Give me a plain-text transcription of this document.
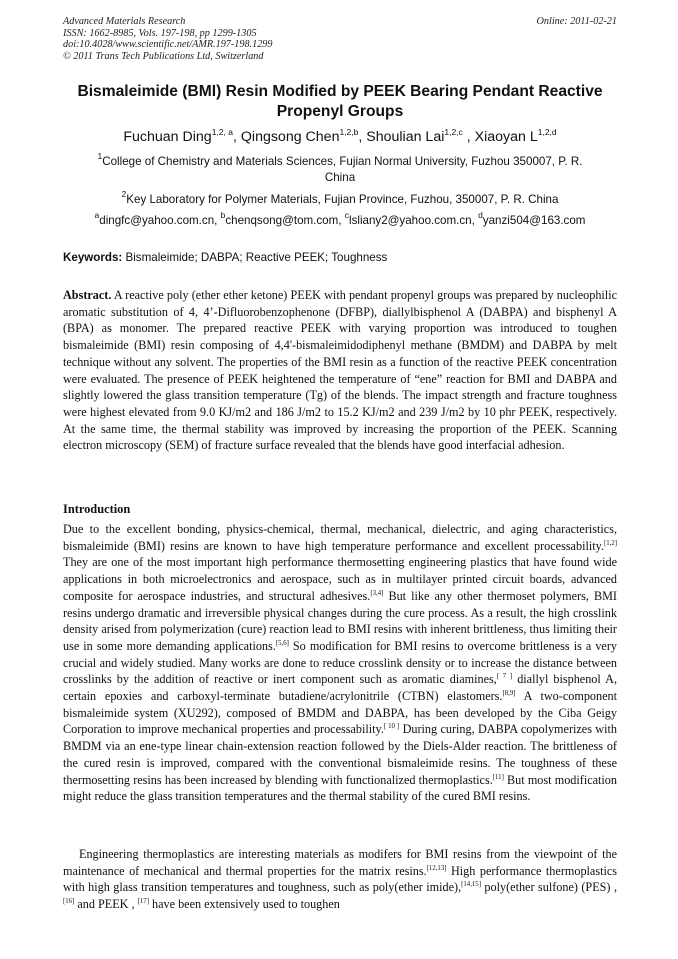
Advanced Materials Research
ISSN: 1662-8985, Vols. 197-198, pp 1299-1305
doi:10.4028/www.scientific.net/AMR.197-198.1299
© 2011 Trans Tech Publications Ltd, Switzerland
Online: 2011-02-21
Bismaleimide (BMI) Resin Modified by PEEK Bearing Pendant Reactive
Propenyl Groups
Fuchuan Ding$^{1,2, a}$, Qingsong Chen$^{1,2,b}$, Shoulian Lai$^{1,2,c}$ , Xiaoyan L$^{1,2,d}$
$^1$College of Chemistry and Materials Sciences, Fujian Normal University, Fuzhou 350007, P. R.
China
$^2$Key Laboratory for Polymer Materials, Fujian Province, Fuzhou, 350007, P. R. China
$^a$dingfc@yahoo.com.cn, $^b$chenqsong@tom.com, $^c$lsliany2@yahoo.com.cn, $^d$yanzi504@163.com
Keywords: Bismaleimide; DABPA; Reactive PEEK; Toughness
Abstract. A reactive poly (ether ether ketone) PEEK with pendant propenyl groups was prepared by nucleophilic aromatic substitution of 4, 4’-Difluorobenzophenone (DFBP), diallylbisphenol A (DABPA) and bisphenyl A (BPA) as monomer. The prepared reactive PEEK with varying proportion was introduced to toughen bismaleimide (BMI) resin composing of 4,4'-bismaleimidodiphenyl methane (BMDM) and DABPA by melt technique without any solvent. The properties of the BMI resin as a function of the reactive PEEK concentration were evaluated. The presence of PEEK heightened the temperature of “ene” reaction for BMI and DABPA and slightly lowered the glass transition temperature (Tg) of the blends. The impact strength and fracture toughness were highest elevated from 9.0 KJ/m2 and 186 J/m2 to 15.2 KJ/m2 and 239 J/m2 by 10 phr PEEK, respectively. At the same time, the thermal stability was improved by increasing the proportion of the PEEK. Scanning electron microscopy (SEM) of fracture surface revealed that the blends have good interfacial adhesion.
Introduction
Due to the excellent bonding, physics-chemical, thermal, mechanical, dielectric, and aging characteristics, bismaleimide (BMI) resins are known to have high temperature performance and excellent processability.[1,2] They are one of the most important high performance thermosetting engineering plastics that have found wide applications in both microelectronics and aerospace, such as in multilayer printed circuit boards, advanced composite for aerospace industries, and structural adhesives.[3,4] But like any other thermoset polymers, BMI resins undergo dramatic and irreversible physical changes during the cure process. As a result, the high crosslink density arised from polymerization (cure) reaction lead to BMI resins with inherent brittleness, thus limiting their use in some more demanding applications.[5,6] So modification for BMI resins to overcome brittleness is a very crucial and widely studied. Many works are done to reduce crosslink density or to increase the distance between crosslinks by the addition of reactive or inert component such as aromatic diamines,[ 7 ] diallyl bisphenol A, certain epoxies and carboxyl-terminate butadiene/acrylonitrile (CTBN) elastomers.[8,9] A two-component bismaleimide system (XU292), composed of BMDM and DABPA, has been developed by the Ciba Geigy Corporation to improve mechanical properties and processability.[ 10 ] During curing, DABPA copolymerizes with BMDM via an ene-type linear chain-extension reaction followed by the Diels-Alder reaction. The brittleness of the cured resin is improved, compared with the conventional bismaleimide resins. The toughness of these thermosetting resins has been increased by blending with functionalized thermoplastics.[11] But most modification might reduce the glass transition temperatures and the thermal stability of the cured BMI resins.
Engineering thermoplastics are interesting materials as modifers for BMI resins from the viewpoint of the maintenance of mechanical and thermal properties for the matrix resins.[12,13] High performance thermoplastics with high glass transition temperatures and toughness, such as poly(ether imide),[14,15] poly(ether sulfone) (PES) ,[16] and PEEK , [17] have been extensively used to toughen
